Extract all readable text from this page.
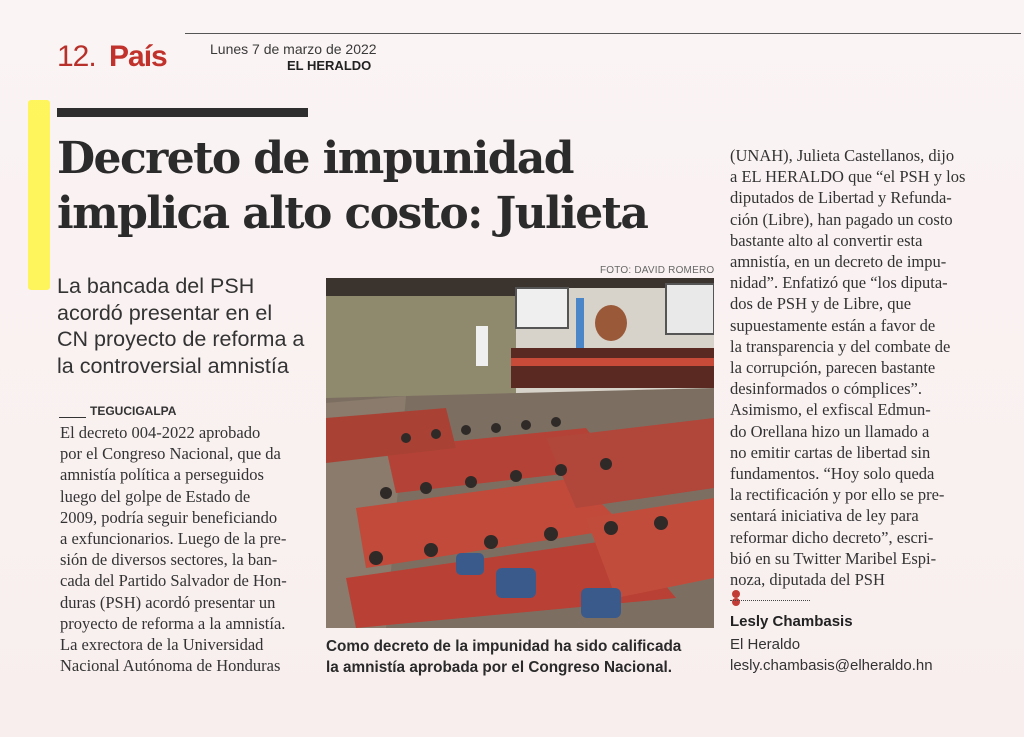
12. País	Lunes 7 de marzo de 2022
EL HERALDO
Decreto de impunidad
implica alto costo: Julieta
La bancada del PSH
acordó presentar en el
CN proyecto de reforma a
la controversial amnistía
TEGUCIGALPA
El decreto 004-2022 aprobado
por el Congreso Nacional, que da
amnistía política a perseguidos
luego del golpe de Estado de
2009, podría seguir beneficiando
a exfuncionarios. Luego de la pre-
sión de diversos sectores, la ban-
cada del Partido Salvador de Hon-
duras (PSH) acordó presentar un
proyecto de reforma a la amnistía.
La exrectora de la Universidad
Nacional Autónoma de Honduras
FOTO: DAVID ROMERO
Como decreto de la impunidad ha sido calificada
la amnistía aprobada por el Congreso Nacional.
(UNAH), Julieta Castellanos, dijo
a EL HERALDO que “el PSH y los
diputados de Libertad y Refunda-
ción (Libre), han pagado un costo
bastante alto al convertir esta
amnistía, en un decreto de impu-
nidad”. Enfatizó que “los diputa-
dos de PSH y de Libre, que
supuestamente están a favor de
la transparencia y del combate de
la corrupción, parecen bastante
desinformados o cómplices”.
Asimismo, el exfiscal Edmun-
do Orellana hizo un llamado a
no emitir cartas de libertad sin
fundamentos. “Hoy solo queda
la rectificación y por ello se pre-
sentará iniciativa de ley para
reformar dicho decreto”, escri-
bió en su Twitter Maribel Espi-
noza, diputada del PSH
Lesly Chambasis
El Heraldo
lesly.chambasis@elheraldo.hn
